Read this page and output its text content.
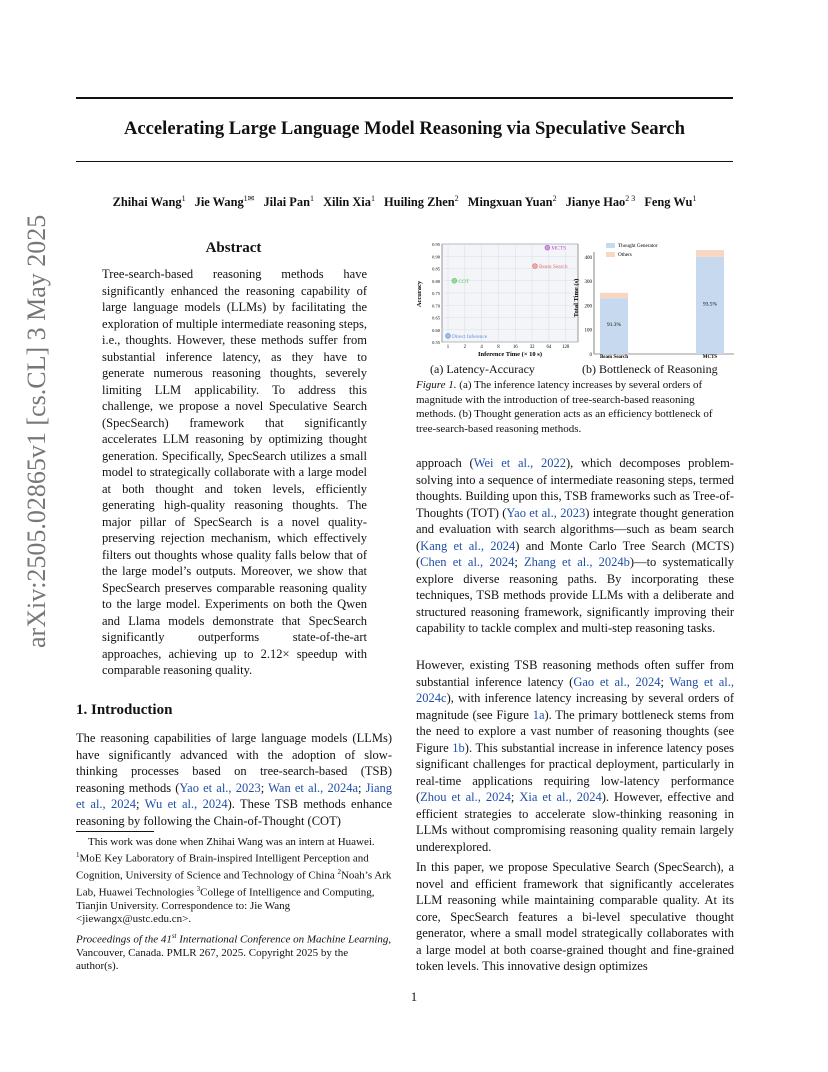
arXiv:2505.02865v1 [cs.CL] 3 May 2025
Accelerating Large Language Model Reasoning via Speculative Search
Zhihai Wang$^1$ Jie Wang$^{1✉}$ Jilai Pan$^1$ Xilin Xia$^1$ Huiling Zhen$^2$ Mingxuan Yuan$^2$ Jianye Hao$^{2 3}$ Feng Wu$^1$
Abstract
Tree-search-based reasoning methods have significantly enhanced the reasoning capability of large language models (LLMs) by facilitating the exploration of multiple intermediate reasoning steps, i.e., thoughts. However, these methods suffer from substantial inference latency, as they have to generate numerous reasoning thoughts, severely limiting LLM applicability. To address this challenge, we propose a novel Speculative Search (SpecSearch) framework that significantly accelerates LLM reasoning by optimizing thought generation. Specifically, SpecSearch utilizes a small model to strategically collaborate with a large model at both thought and token levels, efficiently generating high-quality reasoning thoughts. The major pillar of SpecSearch is a novel quality-preserving rejection mechanism, which effectively filters out thoughts whose quality falls below that of the large model’s outputs. Moreover, we show that SpecSearch preserves comparable reasoning quality to the large model. Experiments on both the Qwen and Llama models demonstrate that SpecSearch significantly outperforms state-of-the-art approaches, achieving up to 2.12× speedup with comparable reasoning quality.
1. Introduction
The reasoning capabilities of large language models (LLMs) have significantly advanced with the adoption of slow-thinking processes based on tree-search-based (TSB) reasoning methods (Yao et al., 2023; Wan et al., 2024a; Jiang et al., 2024; Wu et al., 2024). These TSB methods enhance reasoning by following the Chain-of-Thought (COT)
This work was done when Zhihai Wang was an intern at Huawei.
$^1$MoE Key Laboratory of Brain-inspired Intelligent Perception and Cognition, University of Science and Technology of China $^2$Noah’s Ark Lab, Huawei Technologies $^3$College of Intelligence and Computing, Tianjin University. Correspondence to: Jie Wang <jiewangx@ustc.edu.cn>.
Proceedings of the 41st International Conference on Machine Learning, Vancouver, Canada. PMLR 267, 2025. Copyright 2025 by the author(s).
0.55
0.60
0.65
0.70
0.75
0.80
0.85
0.90
0.95
1	2	4	8	16	32	64 128
Direct Inference
COT
Beam Search
MCTS
Inference Time (× 10 s)
Accuracy
0
100
200
300
400
Beam Search
91.3%
MCTS
93.5%
Thought Generator
Others
Total Time (s)
(a) Latency-Accuracy	(b) Bottleneck of Reasoning
Figure 1. (a) The inference latency increases by several orders of magnitude with the introduction of tree-search-based reasoning methods. (b) Thought generation acts as an efficiency bottleneck of tree-search-based reasoning methods.
approach (Wei et al., 2022), which decomposes problem-solving into a sequence of intermediate reasoning steps, termed thoughts. Building upon this, TSB frameworks such as Tree-of-Thoughts (TOT) (Yao et al., 2023) integrate thought generation and evaluation with search algorithms—such as beam search (Kang et al., 2024) and Monte Carlo Tree Search (MCTS) (Chen et al., 2024; Zhang et al., 2024b)—to systematically explore diverse reasoning paths. By incorporating these techniques, TSB methods provide LLMs with a deliberate and structured reasoning framework, significantly improving their capability to tackle complex and multi-step reasoning tasks.
However, existing TSB reasoning methods often suffer from substantial inference latency (Gao et al., 2024; Wang et al., 2024c), with inference latency increasing by several orders of magnitude (see Figure 1a). The primary bottleneck stems from the need to explore a vast number of reasoning thoughts (see Figure 1b). This substantial increase in inference latency poses significant challenges for practical deployment, particularly in real-time applications requiring low-latency performance (Zhou et al., 2024; Xia et al., 2024). However, effective and efficient strategies to accelerate slow-thinking reasoning in LLMs without compromising reasoning quality remain largely underexplored.
In this paper, we propose Speculative Search (SpecSearch), a novel and efficient framework that significantly accelerates LLM reasoning while maintaining comparable quality. At its core, SpecSearch features a bi-level speculative thought generator, where a small model strategically collaborates with a large model at both coarse-grained thought and fine-grained token levels. This innovative design optimizes
1
